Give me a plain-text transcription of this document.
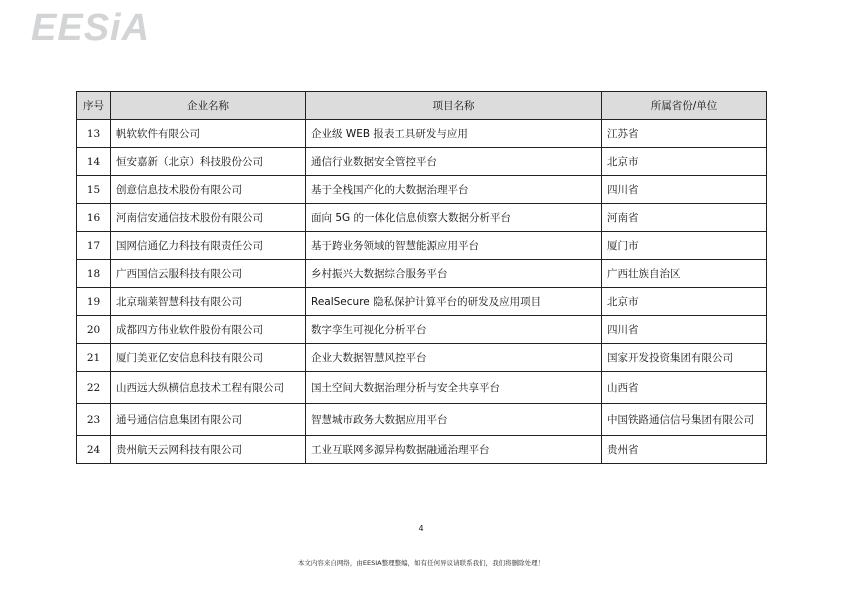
EESiA
序号	企业名称	项目名称	所属省份/单位
13	帆软软件有限公司	企业级 WEB 报表工具研发与应用	江苏省
14	恒安嘉新（北京）科技股份公司	通信行业数据安全管控平台	北京市
15	创意信息技术股份有限公司	基于全栈国产化的大数据治理平台	四川省
16	河南信安通信技术股份有限公司	面向 5G 的一体化信息侦察大数据分析平台	河南省
17	国网信通亿力科技有限责任公司	基于跨业务领域的智慧能源应用平台	厦门市
18	广西国信云服科技有限公司	乡村振兴大数据综合服务平台	广西壮族自治区
19	北京瑞莱智慧科技有限公司	RealSecure 隐私保护计算平台的研发及应用项目	北京市
20	成都四方伟业软件股份有限公司	数字孪生可视化分析平台	四川省
21	厦门美亚亿安信息科技有限公司	企业大数据智慧风控平台	国家开发投资集团有限公司
22	山西远大纵横信息技术工程有限公司	国土空间大数据治理分析与安全共享平台	山西省
23	通号通信信息集团有限公司	智慧城市政务大数据应用平台	中国铁路通信信号集团有限公司
24	贵州航天云网科技有限公司	工业互联网多源异构数据融通治理平台	贵州省
4
本文内容来自网络，由EESIA整理整编，如有任何异议请联系我们，我们将删除处理！
